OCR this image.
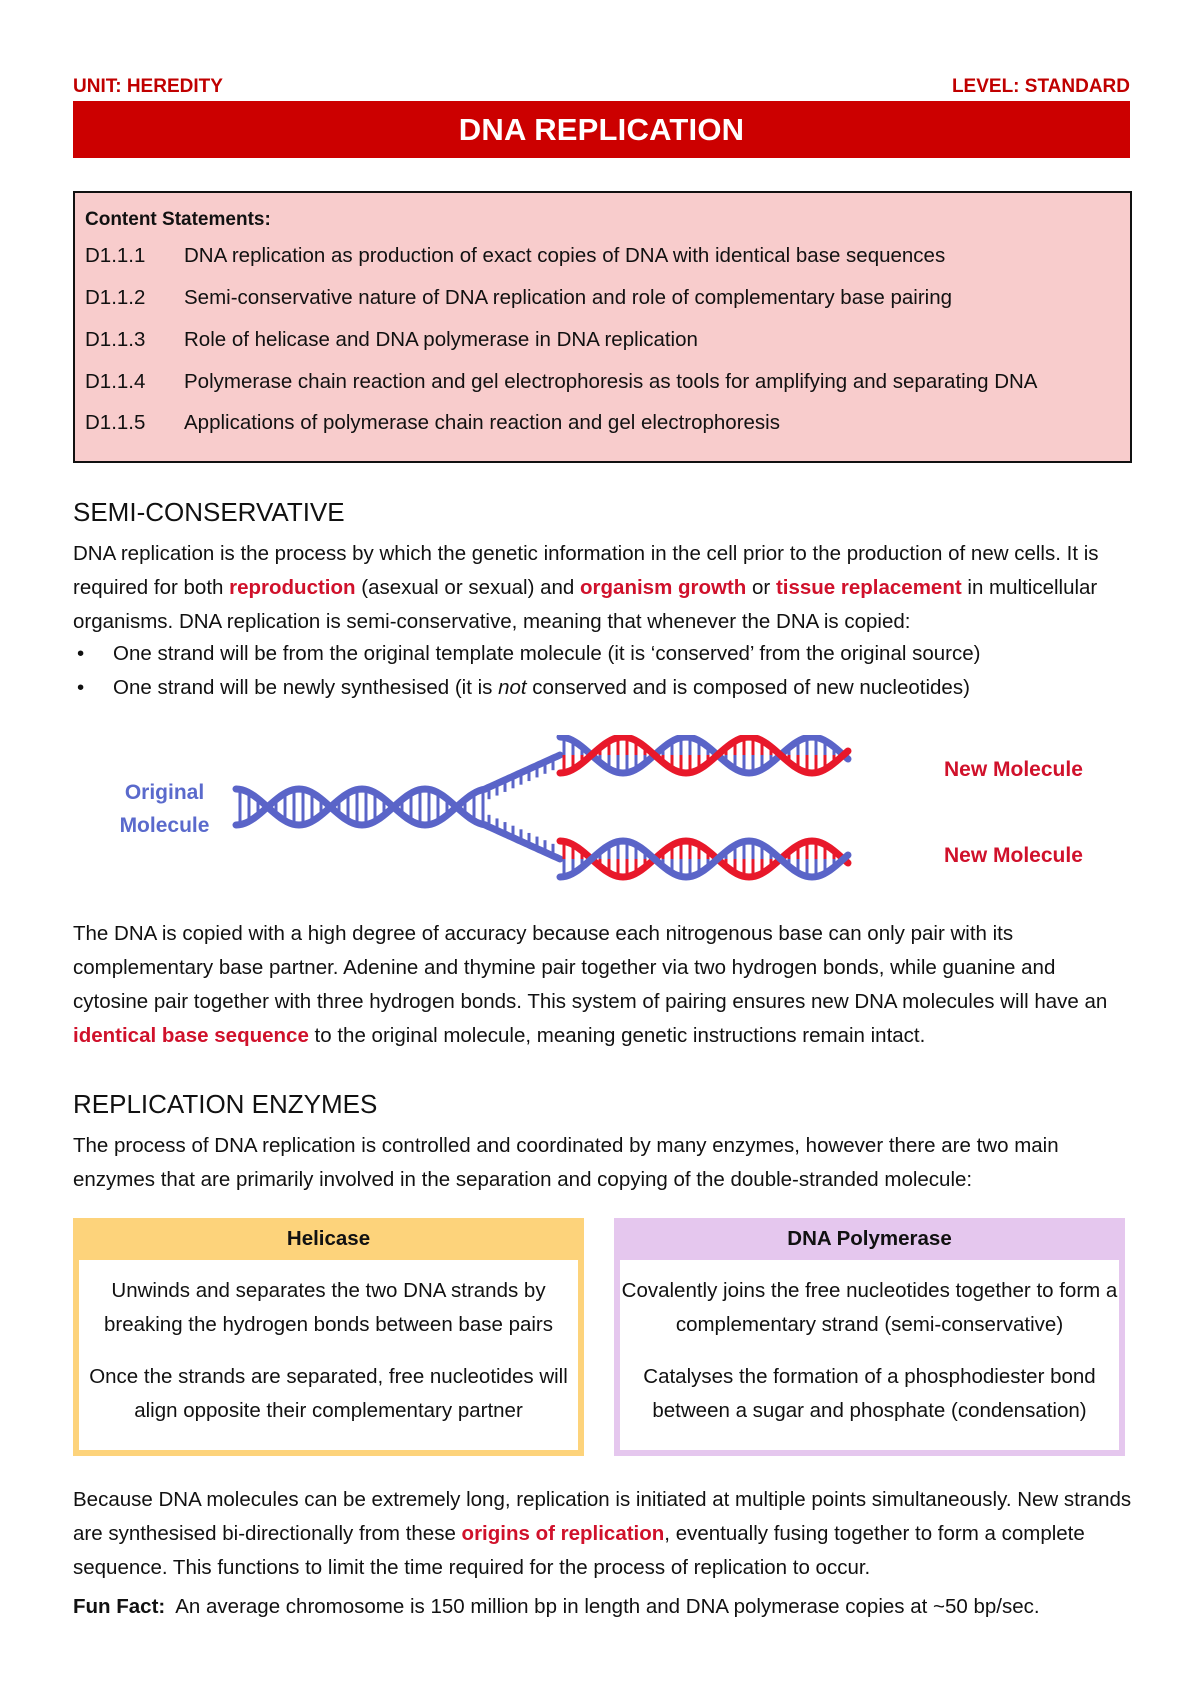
UNIT: HEREDITY	LEVEL: STANDARD
DNA REPLICATION
Content Statements:
D1.1.1 DNA replication as production of exact copies of DNA with identical base sequences
D1.1.2 Semi-conservative nature of DNA replication and role of complementary base pairing
D1.1.3 Role of helicase and DNA polymerase in DNA replication
D1.1.4 Polymerase chain reaction and gel electrophoresis as tools for amplifying and separating DNA
D1.1.5 Applications of polymerase chain reaction and gel electrophoresis
SEMI-CONSERVATIVE
DNA replication is the process by which the genetic information in the cell prior to the production of new cells. It is required for both reproduction (asexual or sexual) and organism growth or tissue replacement in multicellular organisms. DNA replication is semi-conservative, meaning that whenever the DNA is copied:
• One strand will be from the original template molecule (it is ‘conserved’ from the original source)
• One strand will be newly synthesised (it is not conserved and is composed of new nucleotides)
Original
Molecule
New Molecule
New Molecule
The DNA is copied with a high degree of accuracy because each nitrogenous base can only pair with its complementary base partner. Adenine and thymine pair together via two hydrogen bonds, while guanine and cytosine pair together with three hydrogen bonds. This system of pairing ensures new DNA molecules will have an identical base sequence to the original molecule, meaning genetic instructions remain intact.
REPLICATION ENZYMES
The process of DNA replication is controlled and coordinated by many enzymes, however there are two main enzymes that are primarily involved in the separation and copying of the double-stranded molecule:
Helicase

Unwinds and separates the two DNA strands by breaking the hydrogen bonds between base pairs

Once the strands are separated, free nucleotides will align opposite their complementary partner

DNA Polymerase

Covalently joins the free nucleotides together to form a complementary strand (semi-conservative)

Catalyses the formation of a phosphodiester bond between a sugar and phosphate (condensation)

Because DNA molecules can be extremely long, replication is initiated at multiple points simultaneously. New strands are synthesised bi-directionally from these origins of replication, eventually fusing together to form a complete sequence. This functions to limit the time required for the process of replication to occur.
Fun Fact: An average chromosome is 150 million bp in length and DNA polymerase copies at ~50 bp/sec.
